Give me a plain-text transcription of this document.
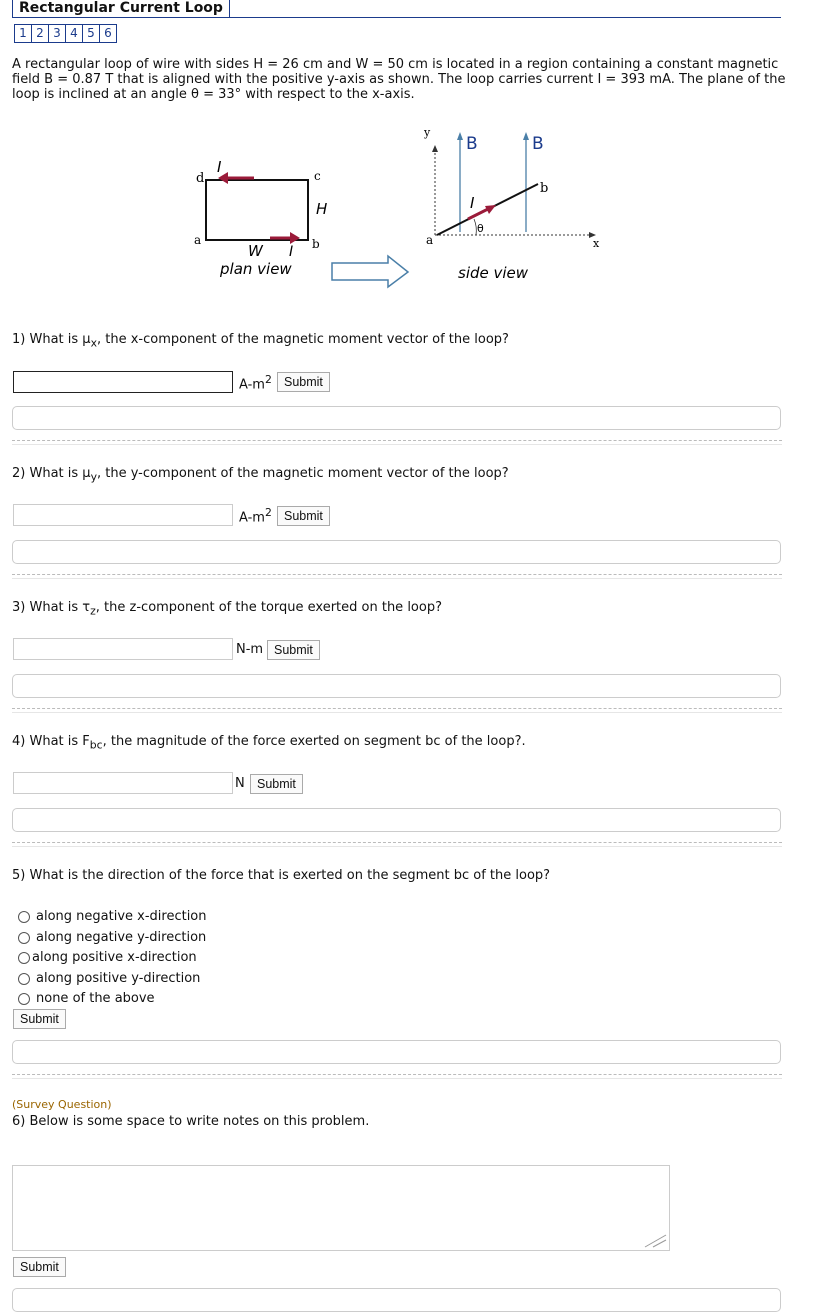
Rectangular Current Loop
1 2 3 4 5 6
A rectangular loop of wire with sides H = 26 cm and W = 50 cm is located in a region containing a constant magnetic field B = 0.87 T that is aligned with the positive y-axis as shown. The loop carries current I = 393 mA. The plane of the loop is inclined at an angle θ = 33° with respect to the x-axis.
d
I	c
H
a
W I b
plan view
y
x
B	B
I
θ
a
b
side view
1) What is $\mu_x$, the x-component of the magnetic moment vector of the loop?
$A-m^2$ Submit
2) What is $\mu_y$, the y-component of the magnetic moment vector of the loop?
$A-m^2$ Submit
3) What is $\tau_z$, the z-component of the torque exerted on the loop?
N-m Submit
4) What is $F_{bc}$, the magnitude of the force exerted on segment bc of the loop?.
N Submit
5) What is the direction of the force that is exerted on the segment bc of the loop?
along negative x-direction
along negative y-direction
along positive x-direction
along positive y-direction
none of the above
Submit
(Survey Question)
6) Below is some space to write notes on this problem.
Submit
